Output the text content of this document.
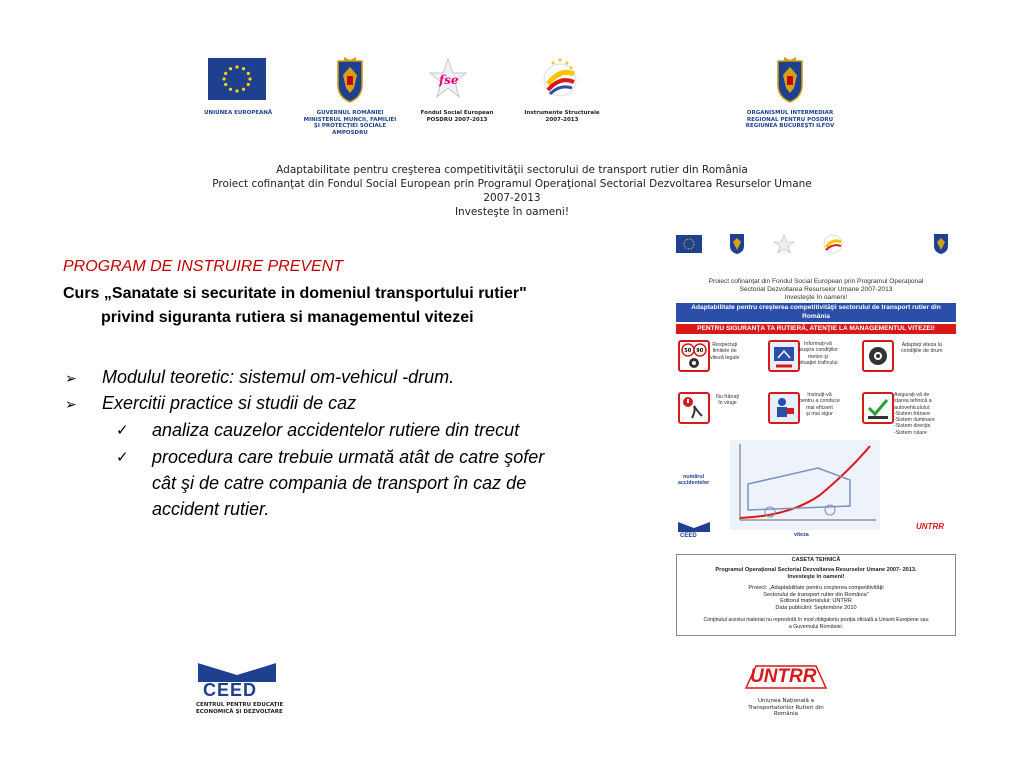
UNIUNEA EUROPEANĂ	GUVERNUL ROMÂNIEI
MINISTERUL MUNCII, FAMILIEI
ŞI PROTECŢIEI SOCIALE
AMPOSDRU
fse
Fondul Social European
POSDRU 2007-2013
Instrumente Structurale
2007-2013
ORGANISMUL INTERMEDIAR
REGIONAL PENTRU POSDRU
REGIUNEA BUCUREŞTI ILFOV
Adaptabilitate pentru creşterea competitivităţii sectorului de transport rutier din România
Proiect cofinanţat din Fondul Social European prin Programul Operaţional Sectorial Dezvoltarea Resurselor Umane
2007-2013
Investeşte în oameni!
PROGRAM DE INSTRUIRE PREVENT
Curs „Sanatate si securitate in domeniul transportului rutier"
privind siguranta rutiera si managementul vitezei
➢ Modulul teoretic: sistemul om-vehicul -drum.
➢ Exercitii practice si studii de caz
✓ analiza cauzelor accidentelor rutiere din trecut
✓ procedura care trebuie urmată atât de catre şofer
cât şi de catre compania de transport în caz de
accident rutier.
Proiect cofinanţat din Fondul Social European prin Programul Operaţional
Sectorial Dezvoltarea Resurselor Umane 2007-2013
Investeşte în oameni!
Adaptabilitate pentru creşterea competitivităţii sectorului de transport rutier din
România
PENTRU SIGURANŢA TA RUTIERĂ, ATENŢIE LA MANAGEMENTUL VITEZEI!
50 90
Respectaţi
limitele de
viteză legale
Informaţi-vă
asupra condiţiilor
meteo şi
situaţiei traficului
Adaptaţi viteza la
condiţiile de drum
Nu frânaţi
în viraje
Instruiţi-vă
pentru a conduce
mai eficient
şi mai sigur
Asiguraţi-vă de
starea tehnică a
autovehiculului:
-Sistem frânare
-Sistem iluminare
-Sistem direcţie
-Sistem rulare
numărul
accidentelor
viteza
CEED
UNTRR
CASETA TEHNICĂ
Programul Operaţional Sectorial Dezvoltarea Resurselor Umane 2007- 2013.
Investeşte în oameni!
Proiect: „Adaptabilitate pentru creşterea competitivităţii
Sectorului de transport rutier din România"
Editorul materialului: UNTRR
Data publicării: Septembrie 2010
Conţinutul acestui material nu reprezintă în mod obligatoriu poziţia oficială a Uniunii Europene sau
a Guvernului României.
CEED
CENTRUL PENTRU EDUCAŢIE
ECONOMICĂ ŞI DEZVOLTARE
UNTRR
Uniunea Naţională a
Transportatorilor Rutieri din
România
